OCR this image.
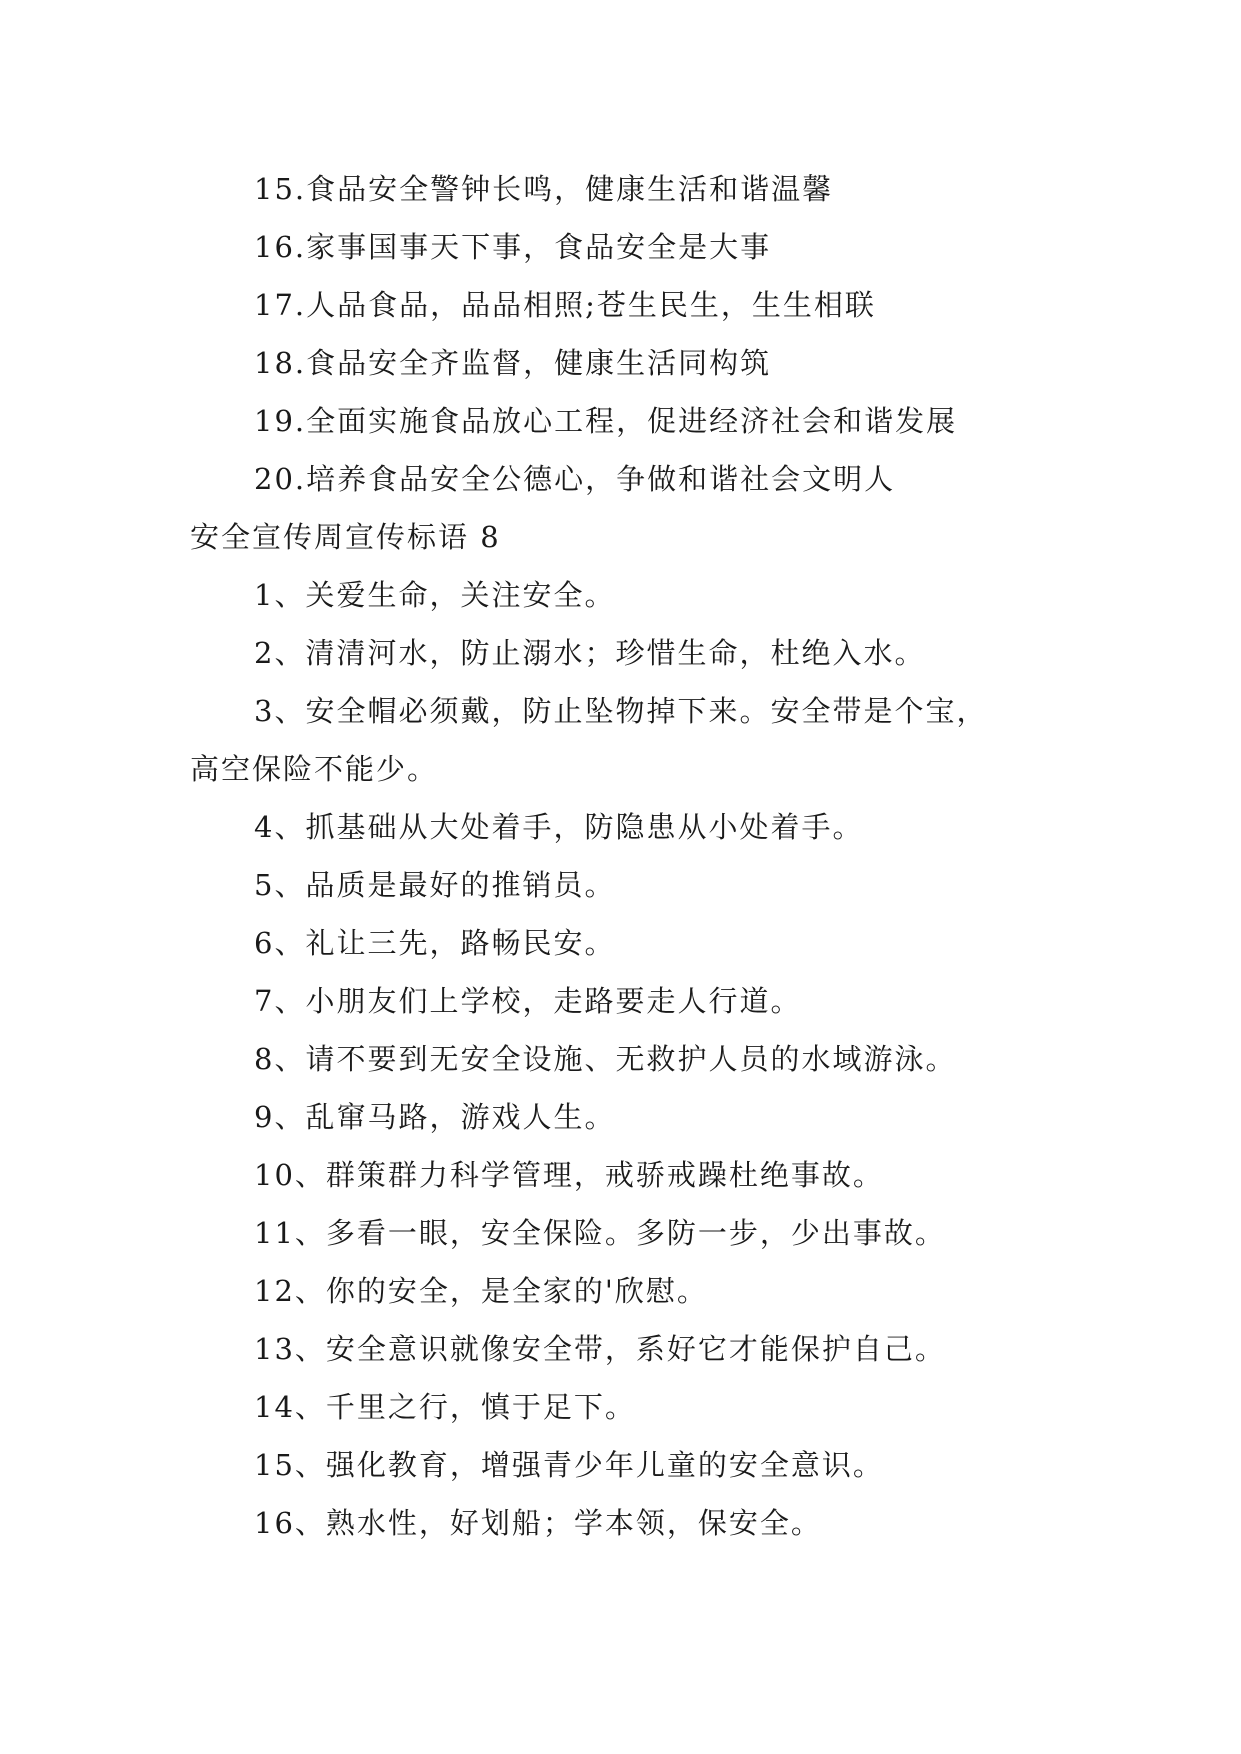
15.食品安全警钟长鸣，健康生活和谐温馨

16.家事国事天下事，食品安全是大事

17.人品食品，品品相照;苍生民生，生生相联

18.食品安全齐监督，健康生活同构筑

19.全面实施食品放心工程，促进经济社会和谐发展

20.培养食品安全公德心，争做和谐社会文明人

安全宣传周宣传标语 8

1、关爱生命，关注安全。

2、清清河水，防止溺水；珍惜生命，杜绝入水。

3、安全帽必须戴，防止坠物掉下来。安全带是个宝，

高空保险不能少。

4、抓基础从大处着手，防隐患从小处着手。

5、品质是最好的推销员。

6、礼让三先，路畅民安。

7、小朋友们上学校，走路要走人行道。

8、请不要到无安全设施、无救护人员的水域游泳。

9、乱窜马路，游戏人生。

10、群策群力科学管理，戒骄戒躁杜绝事故。

11、多看一眼，安全保险。多防一步，少出事故。

12、你的安全，是全家的'欣慰。

13、安全意识就像安全带，系好它才能保护自己。

14、千里之行，慎于足下。

15、强化教育，增强青少年儿童的安全意识。

16、熟水性，好划船；学本领，保安全。
